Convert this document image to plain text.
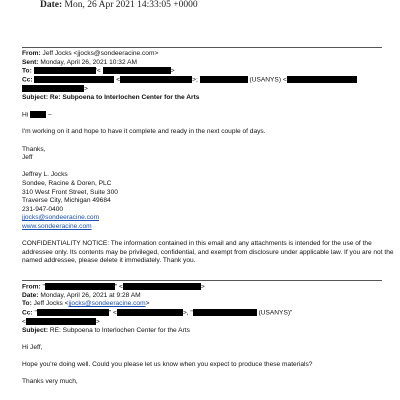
Date: Mon, 26 Apr 2021 14:33:05 +0000
From: Jeff Jocks <jjocks@sondeeracine.com>
Sent: Monday, April 26, 2021 10:32 AM
To:	'<	>
Cc:	<	>;	(USANYS) <
>
Subject: Re: Subpoena to Interlochen Center for the Arts
Hi	–

I'm working on it and hope to have it complete and ready in the next couple of days.

Thanks,
Jeff
Jeffrey L. Jocks
Sondee, Racine & Doren, PLC
310 West Front Street, Suite 300
Traverse City, Michigan 49684
231-947-0400
jjocks@sondeeracine.com
www.sondeeracine.com

CONFIDENTIALITY NOTICE: The information contained in this email and any attachments is intended for the use of the addressee only. Its contents may be privileged, confidential, and exempt from disclosure under applicable law. If you are not the named addressee, please delete it immediately. Thank you.

From: "	" <	>
Date: Monday, April 26, 2021 at 9:28 AM
To: Jeff Jocks <jjocks@sondeeracine.com>
Cc: "	" <	>, "	(USANYS)"
<	>
Subject: RE: Subpoena to Interlochen Center for the Arts
Hi Jeff,

Hope you're doing well. Could you please let us know when you expect to produce these materials?

Thanks very much,
